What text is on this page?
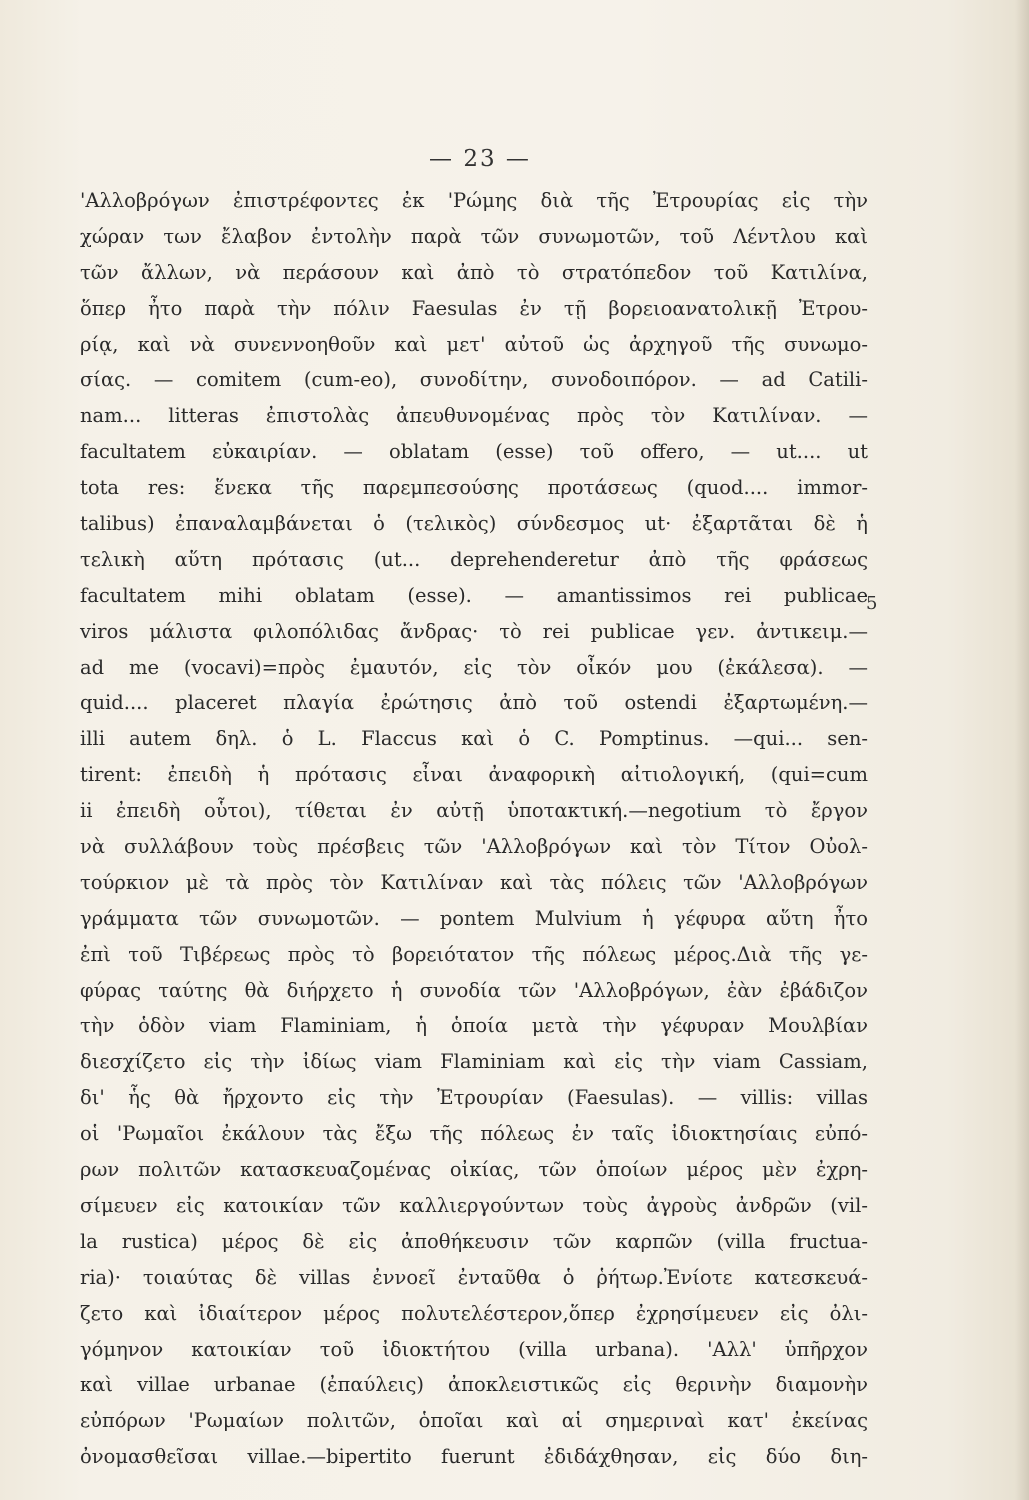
— 23 —
5
'Αλλοβρόγων ἐπιστρέφοντες ἐκ 'Ρώμης διὰ τῆς Ἐτρουρίας εἰς τὴν
χώραν των ἔλαβον ἐντολὴν παρὰ τῶν συνωμοτῶν, τοῦ Λέντλου καὶ
τῶν ἄλλων, νὰ περάσουν καὶ ἀπὸ τὸ στρατόπεδον τοῦ Κατιλίνα,
ὅπερ ἦτο παρὰ τὴν πόλιν Faesulas ἐν τῇ βορειοανατολικῇ Ἐτρου-
ρίᾳ, καὶ νὰ συνεννοηθοῦν καὶ μετ' αὐτοῦ ὡς ἀρχηγοῦ τῆς συνωμο-
σίας. — comitem (cum-eo), συνοδίτην, συνοδοιπόρον. — ad Catili-
nam... litteras ἐπιστολὰς ἀπευθυνομένας πρὸς τὸν Κατιλίναν. —
facultatem εὐκαιρίαν. — oblatam (esse) τοῦ offero, — ut.... ut
tota res: ἕνεκα τῆς παρεμπεσούσης προτάσεως (quod.... immor-
talibus) ἐπαναλαμβάνεται ὁ (τελικὸς) σύνδεσμος ut· ἐξαρτᾶται δὲ ἡ
τελικὴ αὕτη πρότασις (ut... deprehenderetur ἀπὸ τῆς φράσεως
facultatem mihi oblatam (esse). — amantissimos rei publicae
viros μάλιστα φιλοπόλιδας ἄνδρας· τὸ rei publicae γεν. ἀντικειμ.—
ad me (vocavi)=πρὸς ἐμαυτόν, εἰς τὸν οἶκόν μου (ἐκάλεσα). —
quid.... placeret πλαγία ἐρώτησις ἀπὸ τοῦ ostendi ἐξαρτωμένη.—
illi autem δηλ. ὁ L. Flaccus καὶ ὁ C. Pomptinus. —qui... sen-
tirent: ἐπειδὴ ἡ πρότασις εἶναι ἀναφορικὴ αἰτιολογική, (qui=cum
ii ἐπειδὴ οὗτοι), τίθεται ἐν αὐτῇ ὑποτακτική.—negotium τὸ ἔργον
νὰ συλλάβουν τοὺς πρέσβεις τῶν 'Αλλοβρόγων καὶ τὸν Τίτον Οὐολ-
τούρκιον μὲ τὰ πρὸς τὸν Κατιλίναν καὶ τὰς πόλεις τῶν 'Αλλοβρόγων
γράμματα τῶν συνωμοτῶν. — pontem Mulvium ἡ γέφυρα αὕτη ἦτο
ἐπὶ τοῦ Τιβέρεως πρὸς τὸ βορειότατον τῆς πόλεως μέρος.Διὰ τῆς γε-
φύρας ταύτης θὰ διήρχετο ἡ συνοδία τῶν 'Αλλοβρόγων, ἐὰν ἐβάδιζον
τὴν ὁδὸν viam Flaminiam, ἡ ὁποία μετὰ τὴν γέφυραν Μουλβίαν
διεσχίζετο εἰς τὴν ἰδίως viam Flaminiam καὶ εἰς τὴν viam Cassiam,
δι' ἧς θὰ ἤρχοντο εἰς τὴν Ἐτρουρίαν (Faesulas). — villis: villas
οἱ 'Ρωμαῖοι ἐκάλουν τὰς ἔξω τῆς πόλεως ἐν ταῖς ἰδιοκτησίαις εὐπό-
ρων πολιτῶν κατασκευαζομένας οἰκίας, τῶν ὁποίων μέρος μὲν ἐχρη-
σίμευεν εἰς κατοικίαν τῶν καλλιεργούντων τοὺς ἀγροὺς ἀνδρῶν (vil-
la rustica) μέρος δὲ εἰς ἀποθήκευσιν τῶν καρπῶν (villa fructua-
ria)· τοιαύτας δὲ villas ἐννοεῖ ἐνταῦθα ὁ ῥήτωρ.Ἐνίοτε κατεσκευά-
ζετο καὶ ἰδιαίτερον μέρος πολυτελέστερον,ὅπερ ἐχρησίμευεν εἰς ὀλι-
γόμηνον κατοικίαν τοῦ ἰδιοκτήτου (villa urbana). 'Αλλ' ὑπῆρχον
καὶ villae urbanae (ἐπαύλεις) ἀποκλειστικῶς εἰς θερινὴν διαμονὴν
εὐπόρων 'Ρωμαίων πολιτῶν, ὁποῖαι καὶ αἱ σημεριναὶ κατ' ἐκείνας
ὀνομασθεῖσαι villae.—bipertito fuerunt ἐδιδάχθησαν, εἰς δύο διη-
